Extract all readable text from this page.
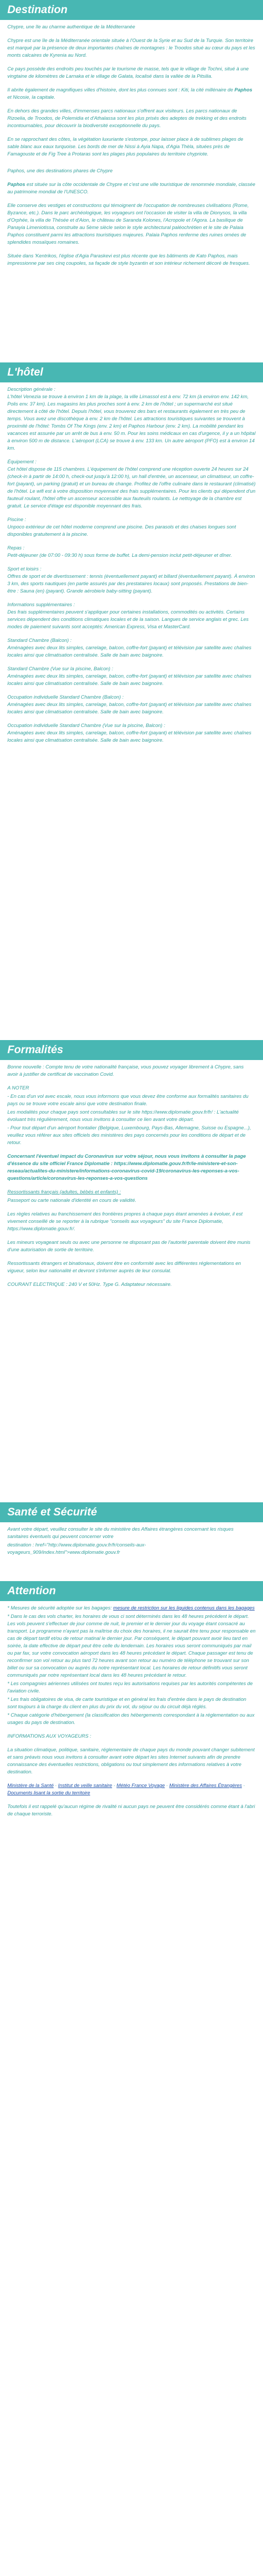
Destination

Chypre, une île au charme authentique de la Méditerranée

Chypre est une île de la Méditerranée orientale située à l'Ouest de la Syrie et au Sud de la Turquie. Son territoire est marqué par la présence de deux importantes chaînes de montagnes : le Troodos situé au cœur du pays et les monts calcaires de Kyrenia au Nord.

Ce pays possède des endroits peu touchés par le tourisme de masse, tels que le village de Tochni, situé à une vingtaine de kilomètres de Larnaka et le village de Galata, localisé dans la vallée de la Pitsilia.

Il abrite également de magnifiques villes d'histoire, dont les plus connues sont : Kiti, la cité millénaire de Paphos et Nicosie, la capitale.

En dehors des grandes villes, d'immenses parcs nationaux s'offrent aux visiteurs. Les parcs nationaux de Rizoelia, de Troodos, de Polemidia et d'Athalassa sont les plus prisés des adeptes de trekking et des endroits incontournables, pour découvrir la biodiversité exceptionnelle du pays.

En se rapprochant des côtes, la végétation luxuriante s'estompe, pour laisser place à de sublimes plages de sable blanc aux eaux turquoise. Les bords de mer de Nissi à Ayia Napa, d'Agia Thèla, situées près de Famagouste et de Fig Tree à Protaras sont les plages plus populaires du territoire chypriote.

Paphos, une des destinations phares de Chypre

Paphos est située sur la côte occidentale de Chypre et c'est une ville touristique de renommée mondiale, classée au patrimoine mondial de l'UNESCO.

Elle conserve des vestiges et constructions qui témoignent de l'occupation de nombreuses civilisations (Rome, Byzance, etc.). Dans le parc archéologique, les voyageurs ont l'occasion de visiter la villa de Dionysos, la villa d'Orphée, la villa de Thésée et d'Aion, le château de Saranda Kolones, l'Acropole et l'Agora. La basilique de Panayia Limeniotissa, construite au 5ème siècle selon le style architectural paléochrétien et le site de Palaia Paphos constituent parmi les attractions touristiques majeures. Palaia Paphos renferme des ruines ornées de splendides mosaïques romaines.

Située dans 'Kentrikos, l'église d'Agia Paraskevi est plus récente que les bâtiments de Kato Paphos, mais impressionne par ses cinq coupoles, sa façade de style byzantin et son intérieur richement décoré de fresques.

L'hôtel

Description générale :
L'hôtel Venezia se trouve à environ 1 km de la plage, la ville Limassol est à env. 72 km (à environ env. 142 km, Polis env. 37 km). Les magasins les plus proches sont à env. 2 km de l'hôtel ; un supermarché est situé directement à côté de l'hôtel. Depuis l'hôtel, vous trouverez des bars et restaurants également en très peu de temps. Vous avez une discothèque à env. 2 km de l'hôtel. Les attractions touristiques suivantes se trouvent à proximité de l'hôtel: Tombs Of The Kings (env. 2 km) et Paphos Harbour (env. 2 km). La mobilité pendant les vacances est assurée par un arrêt de bus à env. 50 m. Pour les soins médicaux en cas d'urgence, il y a un hôpital à environ 500 m de distance. L'aéroport (LCA) se trouve à env. 133 km. Un autre aéroport (PFO) est à environ 14 km.

Équipement :
Cet hôtel dispose de 115 chambres. L'équipement de l'hôtel comprend une réception ouverte 24 heures sur 24 (check-in à partir de 14:00 h, check-out jusqu'à 12:00 h), un hall d'entrée, un ascenseur, un climatiseur, un coffre-fort (payant), un parking (gratuit) et un bureau de change. Profitez de l'offre culinaire dans le restaurant (climatisé) de l'hôtel. Le wifi est à votre disposition moyennant des frais supplémentaires. Pour les clients qui dépendent d'un fauteuil roulant, l'hôtel offre un ascenseur accessible aux fauteuils roulants. Le nettoyage de la chambre est gratuit. Le service d'étage est disponible moyennant des frais.

Piscine :
Unpoco extérieur de cet hôtel moderne comprend une piscine. Des parasols et des chaises longues sont disponibles gratuitement à la piscine.

Repas :
Petit-déjeuner (de 07:00 - 09:30 h) sous forme de buffet. La demi-pension inclut petit-déjeuner et dîner.

Sport et loisirs :
Offres de sport et de divertissement : tennis (éventuellement payant) et billard (éventuellement payant). À environ 3 km, des sports nautiques (en partie assurés par des prestataires locaux) sont proposés. Prestations de bien-être : Sauna (en) (payant). Grande aérobie/e baby-sitting (payant).

Informations supplémentaires :
Des frais supplémentaires peuvent s'appliquer pour certaines installations, commodités ou activités. Certains services dépendent des conditions climatiques locales et de la saison. Langues de service anglais et grec. Les modes de paiement suivants sont acceptés: American Express, Visa et MasterCard.

Standard Chambre (Balcon) :
Aménagées avec deux lits simples, carrelage, balcon, coffre-fort (payant) et télévision par satellite avec chaînes locales ainsi que climatisation centralisée. Salle de bain avec baignoire.

Standard Chambre (Vue sur la piscine, Balcon) :
Aménagées avec deux lits simples, carrelage, balcon, coffre-fort (payant) et télévision par satellite avec chaînes locales ainsi que climatisation centralisée. Salle de bain avec baignoire.

Occupation individuelle Standard Chambre (Balcon) :
Aménagées avec deux lits simples, carrelage, balcon, coffre-fort (payant) et télévision par satellite avec chaînes locales ainsi que climatisation centralisée. Salle de bain avec baignoire.

Occupation individuelle Standard Chambre (Vue sur la piscine, Balcon) :
Aménagées avec deux lits simples, carrelage, balcon, coffre-fort (payant) et télévision par satellite avec chaînes locales ainsi que climatisation centralisée. Salle de bain avec baignoire.

Formalités

Bonne nouvelle : Compte tenu de votre nationalité française, vous pouvez voyager librement à Chypre, sans avoir à justifier de certificat de vaccination Covid.

A NOTER

- En cas d'un vol avec escale, nous vous informons que vous devez être conforme aux formalités sanitaires du pays ou se trouve votre escale ainsi que votre destination finale.

Les modalités pour chaque pays sont consultables sur le site https://www.diplomatie.gouv.fr/fr/ : L'actualité évoluant très régulièrement, nous vous invitons à consulter ce lien avant votre départ.

- Pour tout départ d'un aéroport frontalier (Belgique, Luxembourg, Pays-Bas, Allemagne, Suisse ou Espagne...), veuillez vous référer aux sites officiels des ministères des pays concernés pour les conditions de départ et de retour.

Concernant l'éventuel impact du Coronavirus sur votre séjour, nous vous invitons à consulter la page d'éssence du site officiel France Diplomatie : https://www.diplomatie.gouv.fr/fr/le-ministere-et-son-reseau/actualites-du-ministere/informations-coronavirus-covid-19/coronavirus-les-reponses-a-vos-questions/article/coronavirus-les-reponses-a-vos-questions

Ressortissants français (adultes, bébés et enfants) :

Passeport ou carte nationale d'identité en cours de validité.

Les règles relatives au franchissement des frontières propres à chaque pays étant amenées à évoluer, il est vivement conseillé de se reporter à la rubrique "conseils aux voyageurs" du site France Diplomatie, https://www.diplomatie.gouv.fr/.

Les mineurs voyageant seuls ou avec une personne ne disposant pas de l'autorité parentale doivent être munis d'une autorisation de sortie de territoire.

Ressortissants étrangers et binationaux, doivent être en conformité avec les différentes réglementations en vigueur, selon leur nationalité et devront s'informer auprès de leur consulat.

COURANT ELECTRIQUE : 240 V et 50Hz. Type G. Adaptateur nécessaire.

Santé et Sécurité

Avant votre départ, veuillez consulter le site du ministère des Affaires étrangères concernant les risques sanitaires éventuels qui peuvent concerner votre

destination : href="http://www.diplomatie.gouv.fr/fr/conseils-aux-voyageurs_909/index.html">www.diplomatie.gouv.fr

Attention

* Mesures de sécurité adoptée sur les bagages: mesure de restriction sur les liquides contenus dans les bagages

* Dans le cas des vols charter, les horaires de vous ci sont déterminés dans les 48 heures précédent le départ. Les vols peuvent s'effectuer de jour comme de nuit, le premier et le dernier jour du voyage étant consacré au transport. Le programme n'ayant pas la maîtrise du choix des horaires, il ne saurait être tenu pour responsable en cas de départ tardif et/ou de retour matinal le dernier jour. Par conséquent, le départ pouvant avoir lieu tard en soirée, la date effective de départ peut être celle du lendemain. Les horaires vous seront communiqués par mail ou par fax, sur votre convocation aéroport dans les 48 heures précédant le départ. Chaque passager est tenu de reconfirmer son vol retour au plus tard 72 heures avant son retour au numéro de téléphone se trouvant sur son billet ou sur sa convocation ou auprès du notre représentant local. Les horaires de retour définitifs vous seront communiqués par notre représentant local dans les 48 heures précédant le retour.

* Les compagnies aériennes utilisées ont toutes reçu les autorisations requises par les autorités compétentes de l'aviation civile.

* Les frais obligatoires de visa, de carte touristique et en général les frais d'entrée dans le pays de destination sont toujours à la charge du client en plus du prix du vol, du séjour ou du circuit déjà réglés.

* Chaque catégorie d'hébergement (la classification des hébergements correspondant à la réglementation ou aux usages du pays de destination.

INFORMATIONS AUX VOYAGEURS :

La situation climatique, politique, sanitaire, réglementaire de chaque pays du monde pouvant changer subitement et sans préavis nous vous invitons à consulter avant votre départ les sites Internet suivants afin de prendre connaissance des éventuelles restrictions, obligations ou tout simplement des informations relatives à votre destination.

Ministère de la Santé · Institut de veille sanitaire · Météo France Voyage · Ministère des Affaires Étrangères · Documents lisant la sortie du territoire

Toutefois il est rappelé qu'aucun régime de rivalité ni aucun pays ne peuvent être considérés comme étant à l'abri de chaque terroriste.
